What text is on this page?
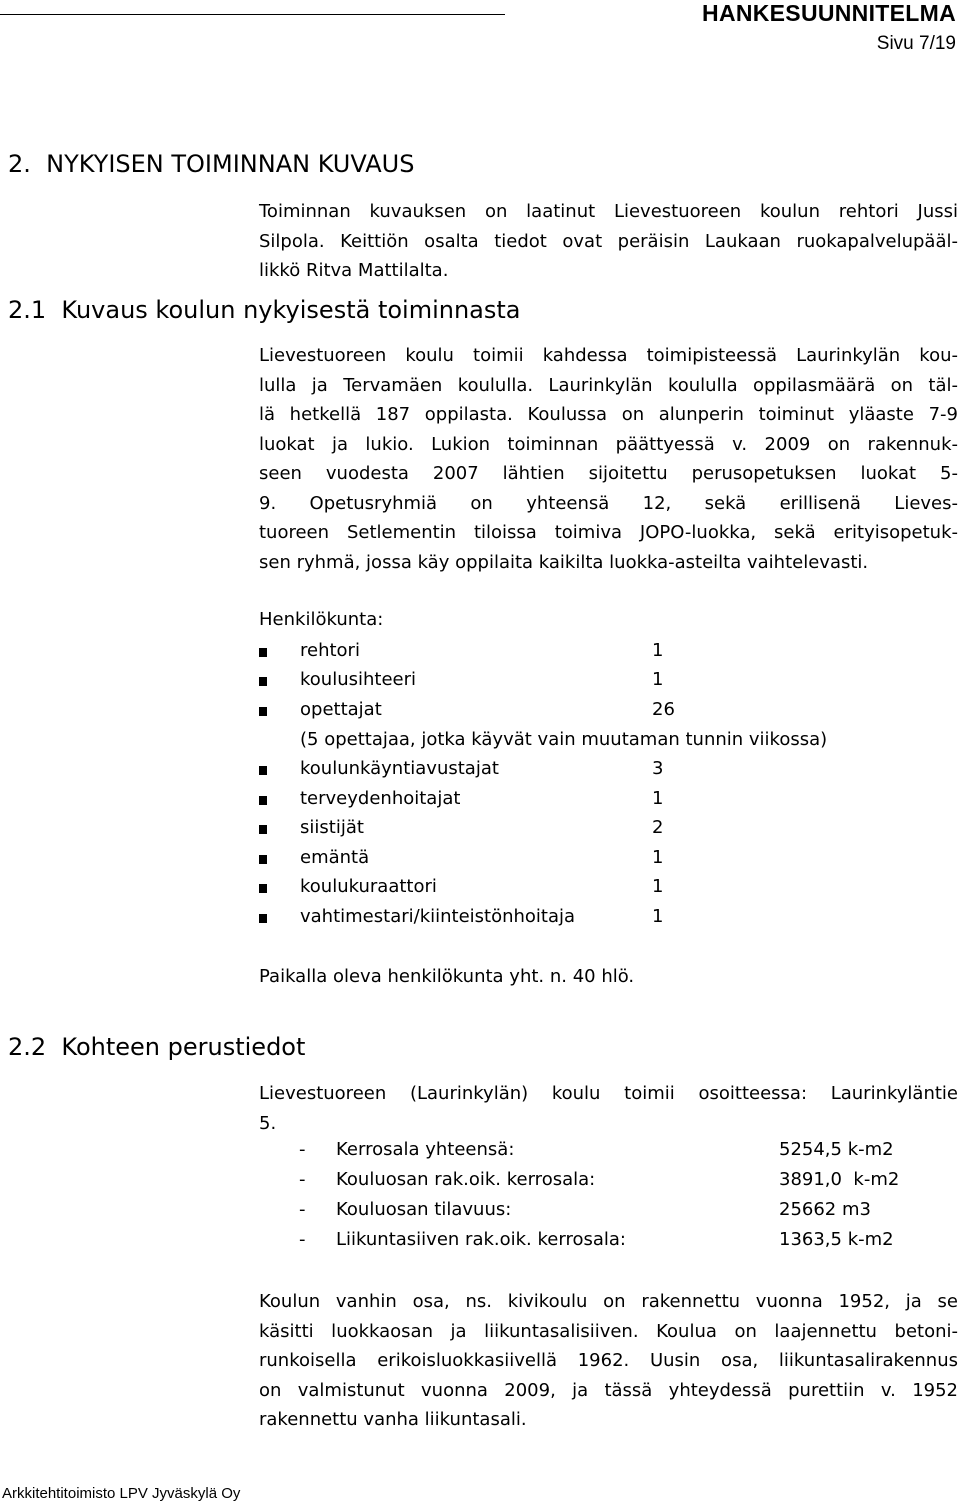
HANKESUUNNITELMA
Sivu 7/19
2.  NYKYISEN TOIMINNAN KUVAUS
Toiminnan kuvauksen on laatinut Lievestuoreen koulun rehtori Jussi
Silpola. Keittiön osalta tiedot ovat peräisin Laukaan ruokapalvelupääl-
likkö Ritva Mattilalta.
2.1  Kuvaus koulun nykyisestä toiminnasta
Lievestuoreen koulu toimii kahdessa toimipisteessä Laurinkylän kou-
lulla ja Tervamäen koululla. Laurinkylän koululla oppilasmäärä on täl-
lä hetkellä 187 oppilasta. Koulussa on alunperin toiminut yläaste 7-9
luokat ja lukio. Lukion toiminnan päättyessä v. 2009 on rakennuk-
seen vuodesta 2007 lähtien sijoitettu perusopetuksen luokat 5-
9. Opetusryhmiä on yhteensä 12, sekä erillisenä Lieves-
tuoreen Setlementin tiloissa toimiva JOPO-luokka, sekä erityisopetuk-
sen ryhmä, jossa käy oppilaita kaikilta luokka-asteilta vaihtelevasti.
Henkilökunta:
rehtori	1
koulusihteeri	1
opettajat	26
(5 opettajaa, jotka käyvät vain muutaman tunnin viikossa)
koulunkäyntiavustajat	3
terveydenhoitajat	1
siistijät	2
emäntä	1
koulukuraattori	1
vahtimestari/kiinteistönhoitaja	1
Paikalla oleva henkilökunta yht. n. 40 hlö.
2.2  Kohteen perustiedot
Lievestuoreen (Laurinkylän) koulu toimii osoitteessa: Laurinkyläntie
5.
- Kerrosala yhteensä:	5254,5 k-m2
- Kouluosan rak.oik. kerrosala:	3891,0  k-m2
- Kouluosan tilavuus:	25662 m3
- Liikuntasiiven rak.oik. kerrosala:	1363,5 k-m2
Koulun vanhin osa, ns. kivikoulu on rakennettu vuonna 1952, ja se
käsitti luokkaosan ja liikuntasalisiiven. Koulua on laajennettu betoni-
runkoisella erikoisluokkasiivellä 1962. Uusin osa, liikuntasalirakennus
on valmistunut vuonna 2009, ja tässä yhteydessä purettiin v. 1952
rakennettu vanha liikuntasali.
Arkkitehtitoimisto LPV Jyväskylä Oy
